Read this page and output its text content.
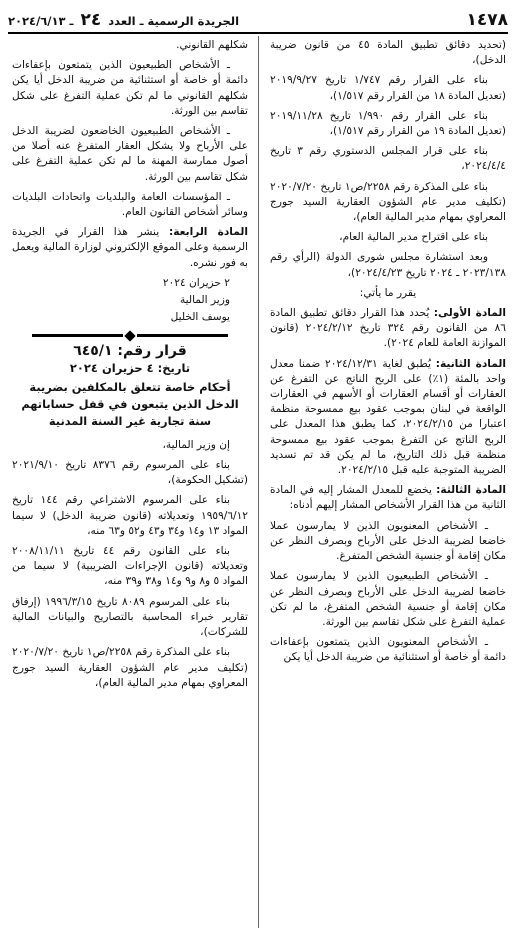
١٤٧٨
الجريدة الرسمية ـ العدد ٢٤ ـ ٢٠٢٤/٦/١٣

(تحديد دقائق تطبيق المادة ٤٥ من قانون ضريبة الدخل)،

بناء على القرار رقم ١/٧٤٧ تاريخ ٢٠١٩/٩/٢٧ (تعديل المادة ١٨ من القرار رقم ١/٥١٧)،

بناء على القرار رقم ١/٩٩٠ تاريخ ٢٠١٩/١١/٢٨ (تعديل المادة ١٩ من القرار رقم ١/٥١٧)،

بناء على قرار المجلس الدستوري رقم ٣ تاريخ ٢٠٢٤/٤/٤،

بناء على المذكرة رقم ٢٢٥٨/ص١ تاريخ ٢٠٢٠/٧/٢٠ (تكليف مدير عام الشؤون العقارية السيد جورج المعراوي بمهام مدير المالية العام)،

بناء على اقتراح مدير المالية العام،

وبعد استشارة مجلس شورى الدولة (الرأي رقم ٢٠٢٣/١٣٨ ـ ٢٠٢٤ تاريخ ٢٠٢٤/٤/٢٣)،

يقرر ما يأتي:

المادة الأولى: يُحدد هذا القرار دقائق تطبيق المادة ٨٦ من القانون رقم ٣٢٤ تاريخ ٢٠٢٤/٢/١٢ (قانون الموازنة العامة للعام ٢٠٢٤).

المادة الثانية: يُطبق لغاية ٢٠٢٤/١٢/٣١ ضمنا معدل واحد بالمئة (١٪) على الربح الناتج عن التفرغ عن العقارات أو أقسام العقارات أو الأسهم في العقارات الواقعة في لبنان بموجب عقود بيع ممسوحة منظمة اعتبارا من ٢٠٢٤/٢/١٥، كما يطبق هذا المعدل على الربح الناتج عن التفرغ بموجب عقود بيع ممسوحة منظمة قبل ذلك التاريخ، ما لم يكن قد تم تسديد الضريبة المتوجبة عليه قبل ٢٠٢٤/٢/١٥.

المادة الثالثة: يخضع للمعدل المشار إليه في المادة الثانية من هذا القرار الأشخاص المشار إليهم أدناه:

ـ الأشخاص المعنويون الذين لا يمارسون عملا خاضعا لضريبة الدخل على الأرباح وبصرف النظر عن مكان إقامة أو جنسية الشخص المتفرغ.

ـ الأشخاص الطبيعيون الذين لا يمارسون عملا خاضعا لضريبة الدخل على الأرباح وبصرف النظر عن مكان إقامة أو جنسية الشخص المتفرغ، ما لم تكن عملية التفرغ على شكل تقاسم بين الورثة.

ـ الأشخاص المعنويون الذين يتمتعون بإعفاءات دائمة أو خاصة أو استثنائية من ضريبة الدخل أيا يكن

شكلهم القانوني.

ـ الأشخاص الطبيعيون الذين يتمتعون بإعفاءات دائمة أو خاصة أو استثنائية من ضريبة الدخل أيا يكن شكلهم القانوني ما لم تكن عملية التفرغ على شكل تقاسم بين الورثة.

ـ الأشخاص الطبيعيون الخاضعون لضريبة الدخل على الأرباح ولا يشكل العقار المتفرغ عنه أصلا من أصول ممارسة المهنة ما لم تكن عملية التفرغ على شكل تقاسم بين الورثة.

ـ المؤسسات العامة والبلديات واتحادات البلديات وسائر أشخاص القانون العام.

المادة الرابعة: ينشر هذا القرار في الجريدة الرسمية وعلى الموقع الإلكتروني لوزارة المالية ويعمل به فور نشره.

٢ حزيران ٢٠٢٤

وزير المالية

يوسف الخليل

قرار رقم: ٦٤٥/١
تاريخ: ٤ حزيران ٢٠٢٤
أحكام خاصة تتعلق بالمكلفين بضريبة الدخل الذين يتبعون في قفل حساباتهم سنة تجارية غير السنة المدنية

إن وزير المالية،

بناء على المرسوم رقم ٨٣٧٦ تاريخ ٢٠٢١/٩/١٠ (تشكيل الحكومة)،

بناء على المرسوم الاشتراعي رقم ١٤٤ تاريخ ١٩٥٩/٦/١٢ وتعديلاته (قانون ضريبة الدخل) لا سيما المواد ١٣ و١٤ و٣٤ و٤٣ و٥٢ و٦٣ منه،

بناء على القانون رقم ٤٤ تاريخ ٢٠٠٨/١١/١١ وتعديلاته (قانون الإجراءات الضريبية) لا سيما من المواد ٥ و٨ و٩ و١٤ و٣٨ و٣٩ منه،

بناء على المرسوم ٨٠٨٩ تاريخ ١٩٩٦/٣/١٥ (إرفاق تقارير خبراء المحاسبة بالتصاريح والبيانات المالية للشركات)،

بناء على المذكرة رقم ٢٢٥٨/ص١ تاريخ ٢٠٢٠/٧/٢٠ (تكليف مدير عام الشؤون العقارية السيد جورج المعراوي بمهام مدير المالية العام)،
